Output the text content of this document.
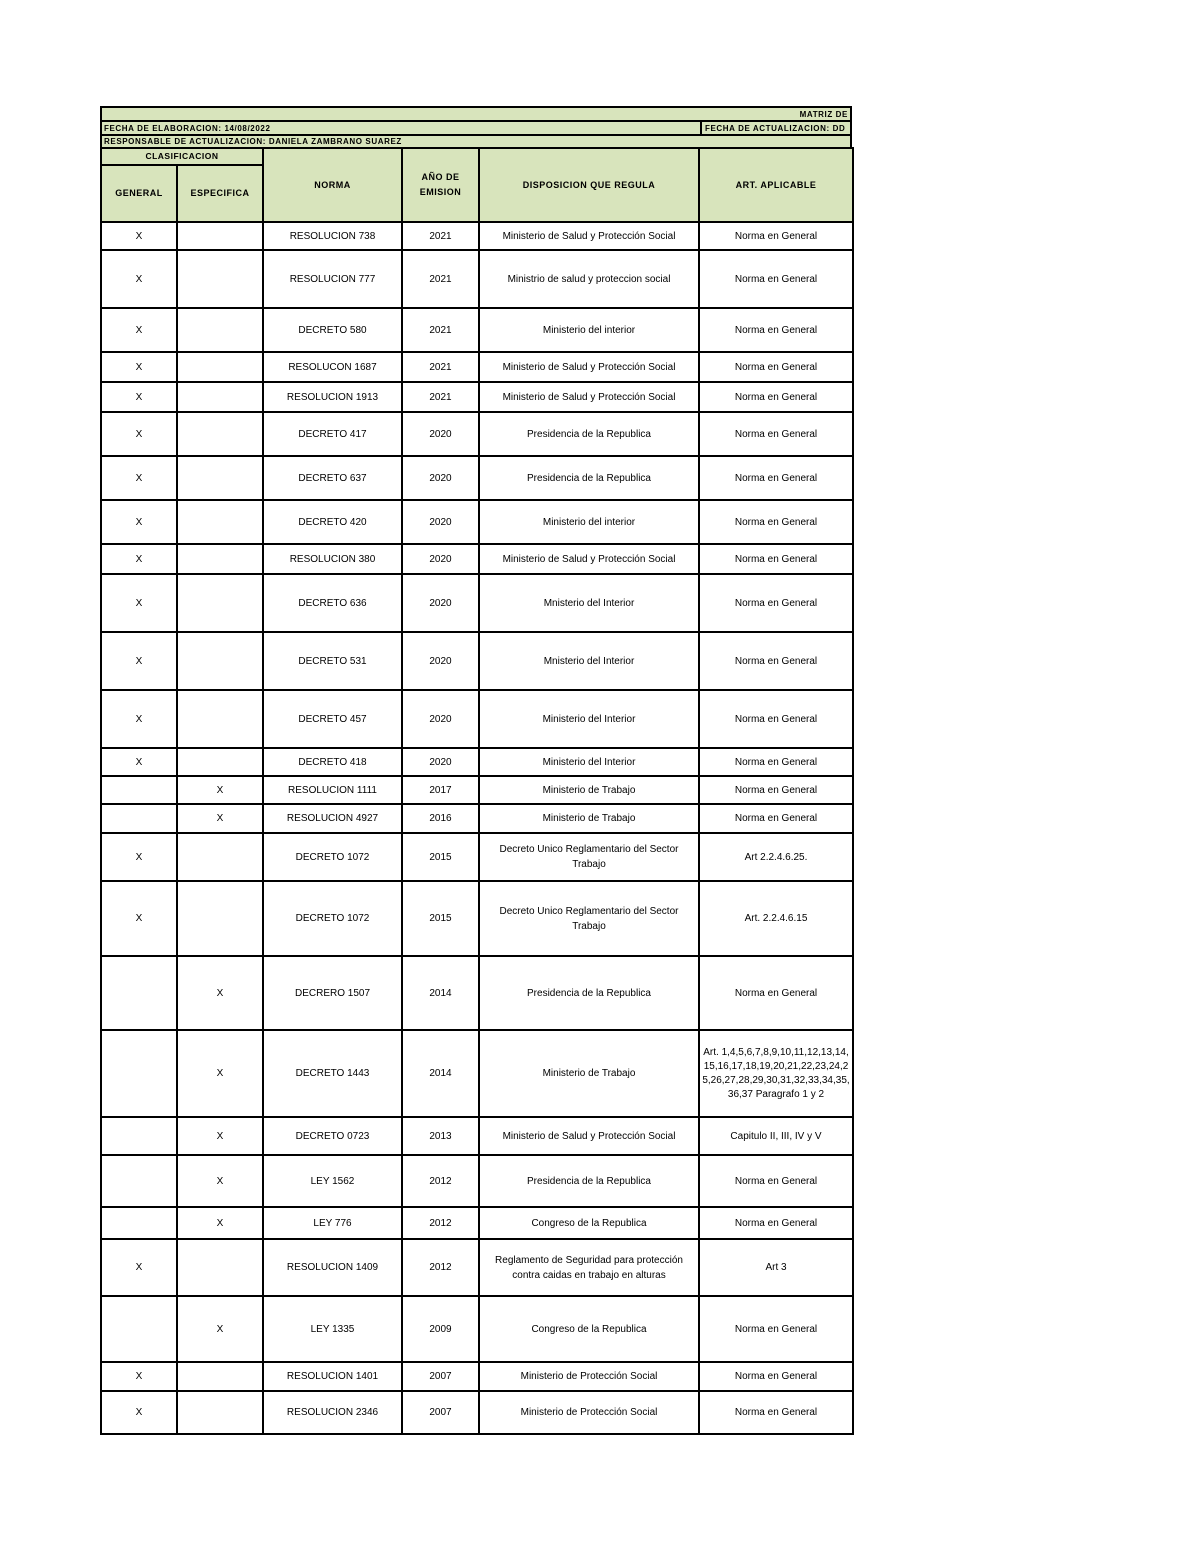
MATRIZ DE
FECHA DE ELABORACION: 14/08/2022	FECHA DE ACTUALIZACION: DD
RESPONSABLE DE ACTUALIZACION: DANIELA ZAMBRANO SUAREZ
CLASIFICACION		NORMA	AÑO DE EMISION	DISPOSICION QUE REGULA	ART. APLICABLE
GENERAL	ESPECIFICA				
X		RESOLUCION 738	2021	Ministerio de Salud y Protección Social	Norma en General
X		RESOLUCION 777	2021	Ministrio de salud y proteccion social	Norma en General
X		DECRETO 580	2021	Ministerio del interior	Norma en General
X		RESOLUCON 1687	2021	Ministerio de Salud y Protección Social	Norma en General
X		RESOLUCION 1913	2021	Ministerio de Salud y Protección Social	Norma en General
X		DECRETO 417	2020	Presidencia de la Republica	Norma en General
X		DECRETO 637	2020	Presidencia de la Republica	Norma en General
X		DECRETO 420	2020	Ministerio del interior	Norma en General
X		RESOLUCION 380	2020	Ministerio de Salud y Protección Social	Norma en General
X		DECRETO 636	2020	Mnisterio del Interior	Norma en General
X		DECRETO 531	2020	Mnisterio del Interior	Norma en General
X		DECRETO 457	2020	Ministerio del Interior	Norma en General
X		DECRETO 418	2020	Ministerio del Interior	Norma en General
	X	RESOLUCION 1111	2017	Ministerio de Trabajo	Norma en General
	X	RESOLUCION 4927	2016	Ministerio de Trabajo	Norma en General
X		DECRETO 1072	2015	Decreto Unico Reglamentario del Sector Trabajo	Art 2.2.4.6.25.
X		DECRETO 1072	2015	Decreto Unico Reglamentario del Sector Trabajo	Art. 2.2.4.6.15
	X	DECRERO 1507	2014	Presidencia de la Republica	Norma en General
	X	DECRETO 1443	2014	Ministerio de Trabajo	Art. 1,4,5,6,7,8,9,10,11,12,13,14,15,16,17,18,19,20,21,22,23,24,25,26,27,28,29,30,31,32,33,34,35,36,37 Paragrafo 1 y 2
	X	DECRETO 0723	2013	Ministerio de Salud y Protección Social	Capitulo II, III, IV y V
	X	LEY 1562	2012	Presidencia de la Republica	Norma en General
	X	LEY 776	2012	Congreso de la Republica	Norma en General
X		RESOLUCION 1409	2012	Reglamento de Seguridad para protección contra caidas en trabajo en alturas	Art 3
	X	LEY 1335	2009	Congreso de la Republica	Norma en General
X		RESOLUCION 1401	2007	Ministerio de Protección Social	Norma en General
X		RESOLUCION 2346	2007	Ministerio de Protección Social	Norma en General
